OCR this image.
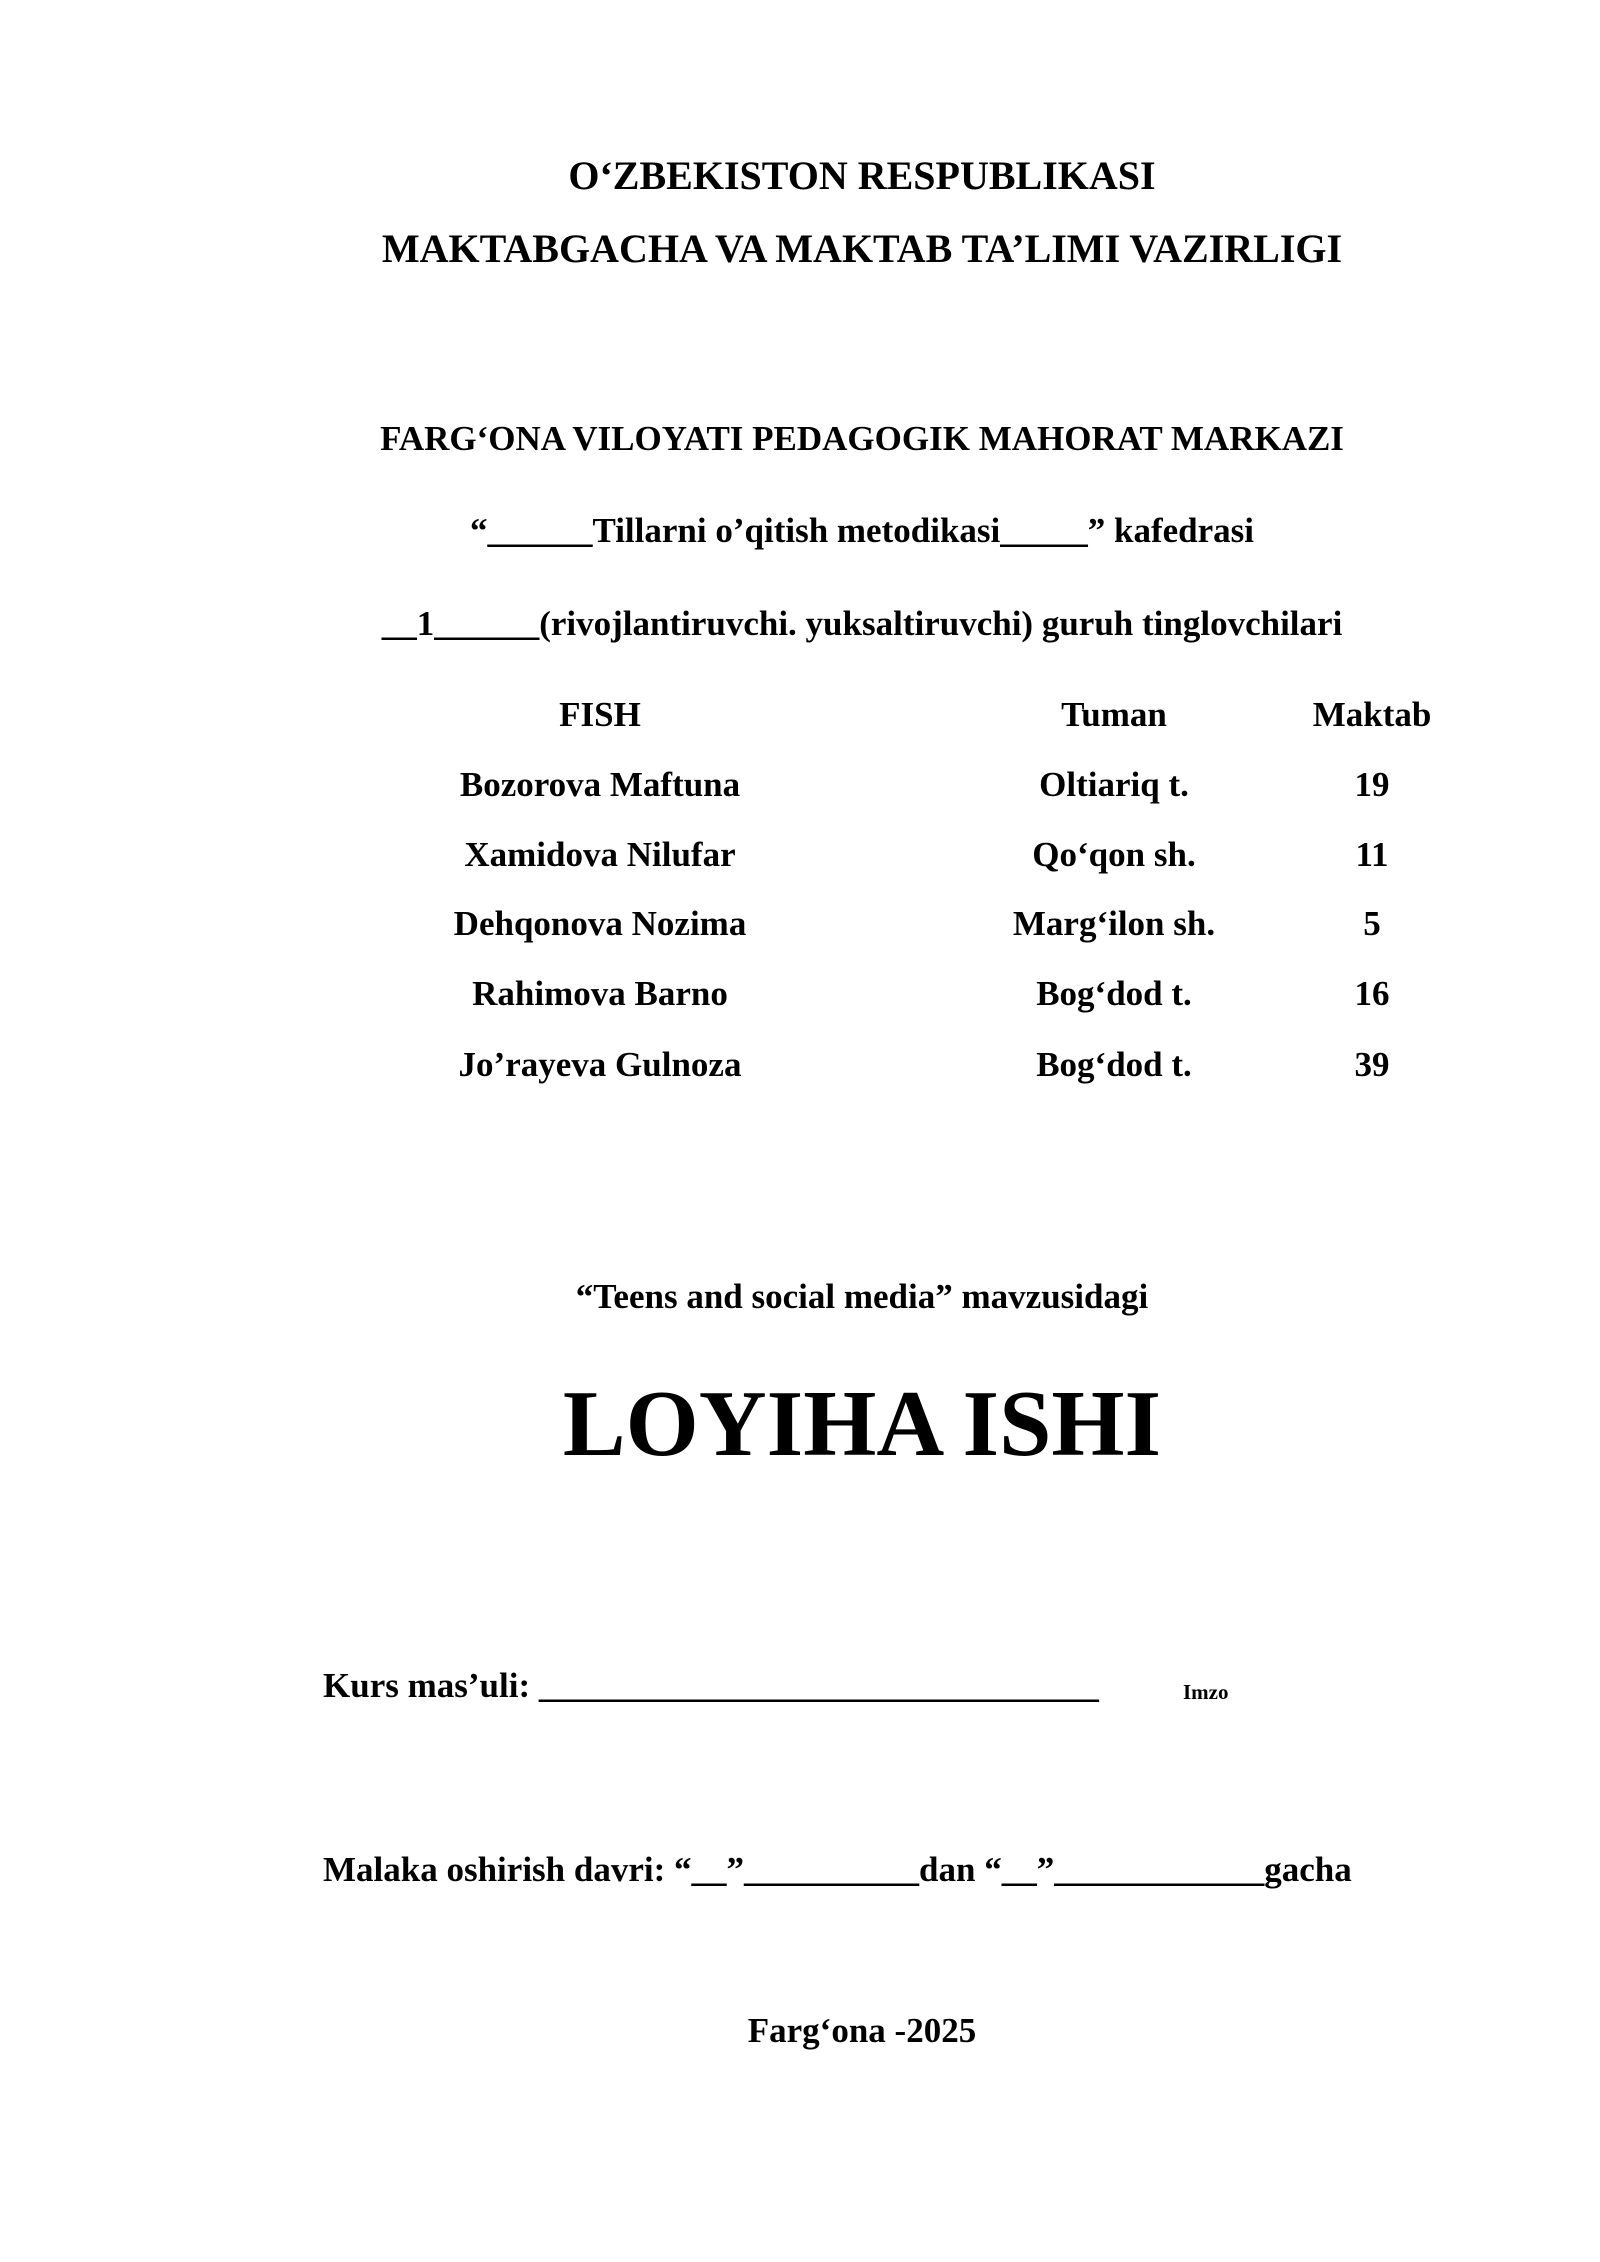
O‘ZBEKISTON RESPUBLIKASI
MAKTABGACHA VA MAKTAB TA’LIMI VAZIRLIGI
FARG‘ONA VILOYATI PEDAGOGIK MAHORAT MARKAZI
“______Tillarni o’qitish metodikasi_____” kafedrasi
__1______(rivojlantiruvchi. yuksaltiruvchi) guruh tinglovchilari
FISH	Tuman	Maktab
Bozorova Maftuna	Oltiariq t.	19
Xamidova Nilufar	Qo‘qon sh.	11
Dehqonova Nozima	Marg‘ilon sh.	5
Rahimova Barno	Bog‘dod t.	16
Jo’rayeva Gulnoza	Bog‘dod t.	39
“Teens and social media” mavzusidagi
LOYIHA ISHI
Kurs mas’uli: ________________________________	Imzo
Malaka oshirish davri: “__”__________dan “__”____________gacha
Farg‘ona -2025
